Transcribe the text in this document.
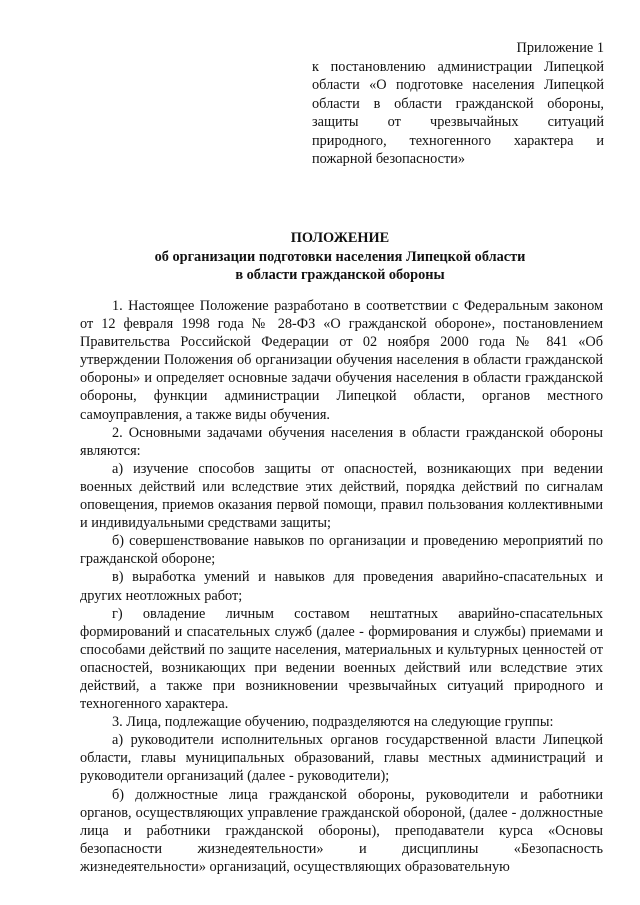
Приложение 1
к постановлению администрации Липецкой области «О подготовке населения Липецкой области в области гражданской обороны, защиты от чрезвычайных ситуаций природного, техногенного характера и пожарной безопасности»
ПОЛОЖЕНИЕ
об организации подготовки населения Липецкой области
в области гражданской обороны

1. Настоящее Положение разработано в соответствии с Федеральным законом от 12 февраля 1998 года № 28-ФЗ «О гражданской обороне», постановлением Правительства Российской Федерации от 02 ноября 2000 года № 841 «Об утверждении Положения об организации обучения населения в области гражданской обороны» и определяет основные задачи обучения населения в области гражданской обороны, функции администрации Липецкой области, органов местного самоуправления, а также виды обучения.

2. Основными задачами обучения населения в области гражданской обороны являются:

а) изучение способов защиты от опасностей, возникающих при ведении военных действий или вследствие этих действий, порядка действий по сигналам оповещения, приемов оказания первой помощи, правил пользования коллективными и индивидуальными средствами защиты;

б) совершенствование навыков по организации и проведению мероприятий по гражданской обороне;

в) выработка умений и навыков для проведения аварийно-спасательных и других неотложных работ;

г) овладение личным составом нештатных аварийно-спасательных формирований и спасательных служб (далее - формирования и службы) приемами и способами действий по защите населения, материальных и культурных ценностей от опасностей, возникающих при ведении военных действий или вследствие этих действий, а также при возникновении чрезвычайных ситуаций природного и техногенного характера.

3. Лица, подлежащие обучению, подразделяются на следующие группы:

а) руководители исполнительных органов государственной власти Липецкой области, главы муниципальных образований, главы местных администраций и руководители организаций (далее - руководители);

б) должностные лица гражданской обороны, руководители и работники органов, осуществляющих управление гражданской обороной, (далее - должностные лица и работники гражданской обороны), преподаватели курса «Основы безопасности жизнедеятельности» и дисциплины «Безопасность жизнедеятельности» организаций, осуществляющих образовательную
